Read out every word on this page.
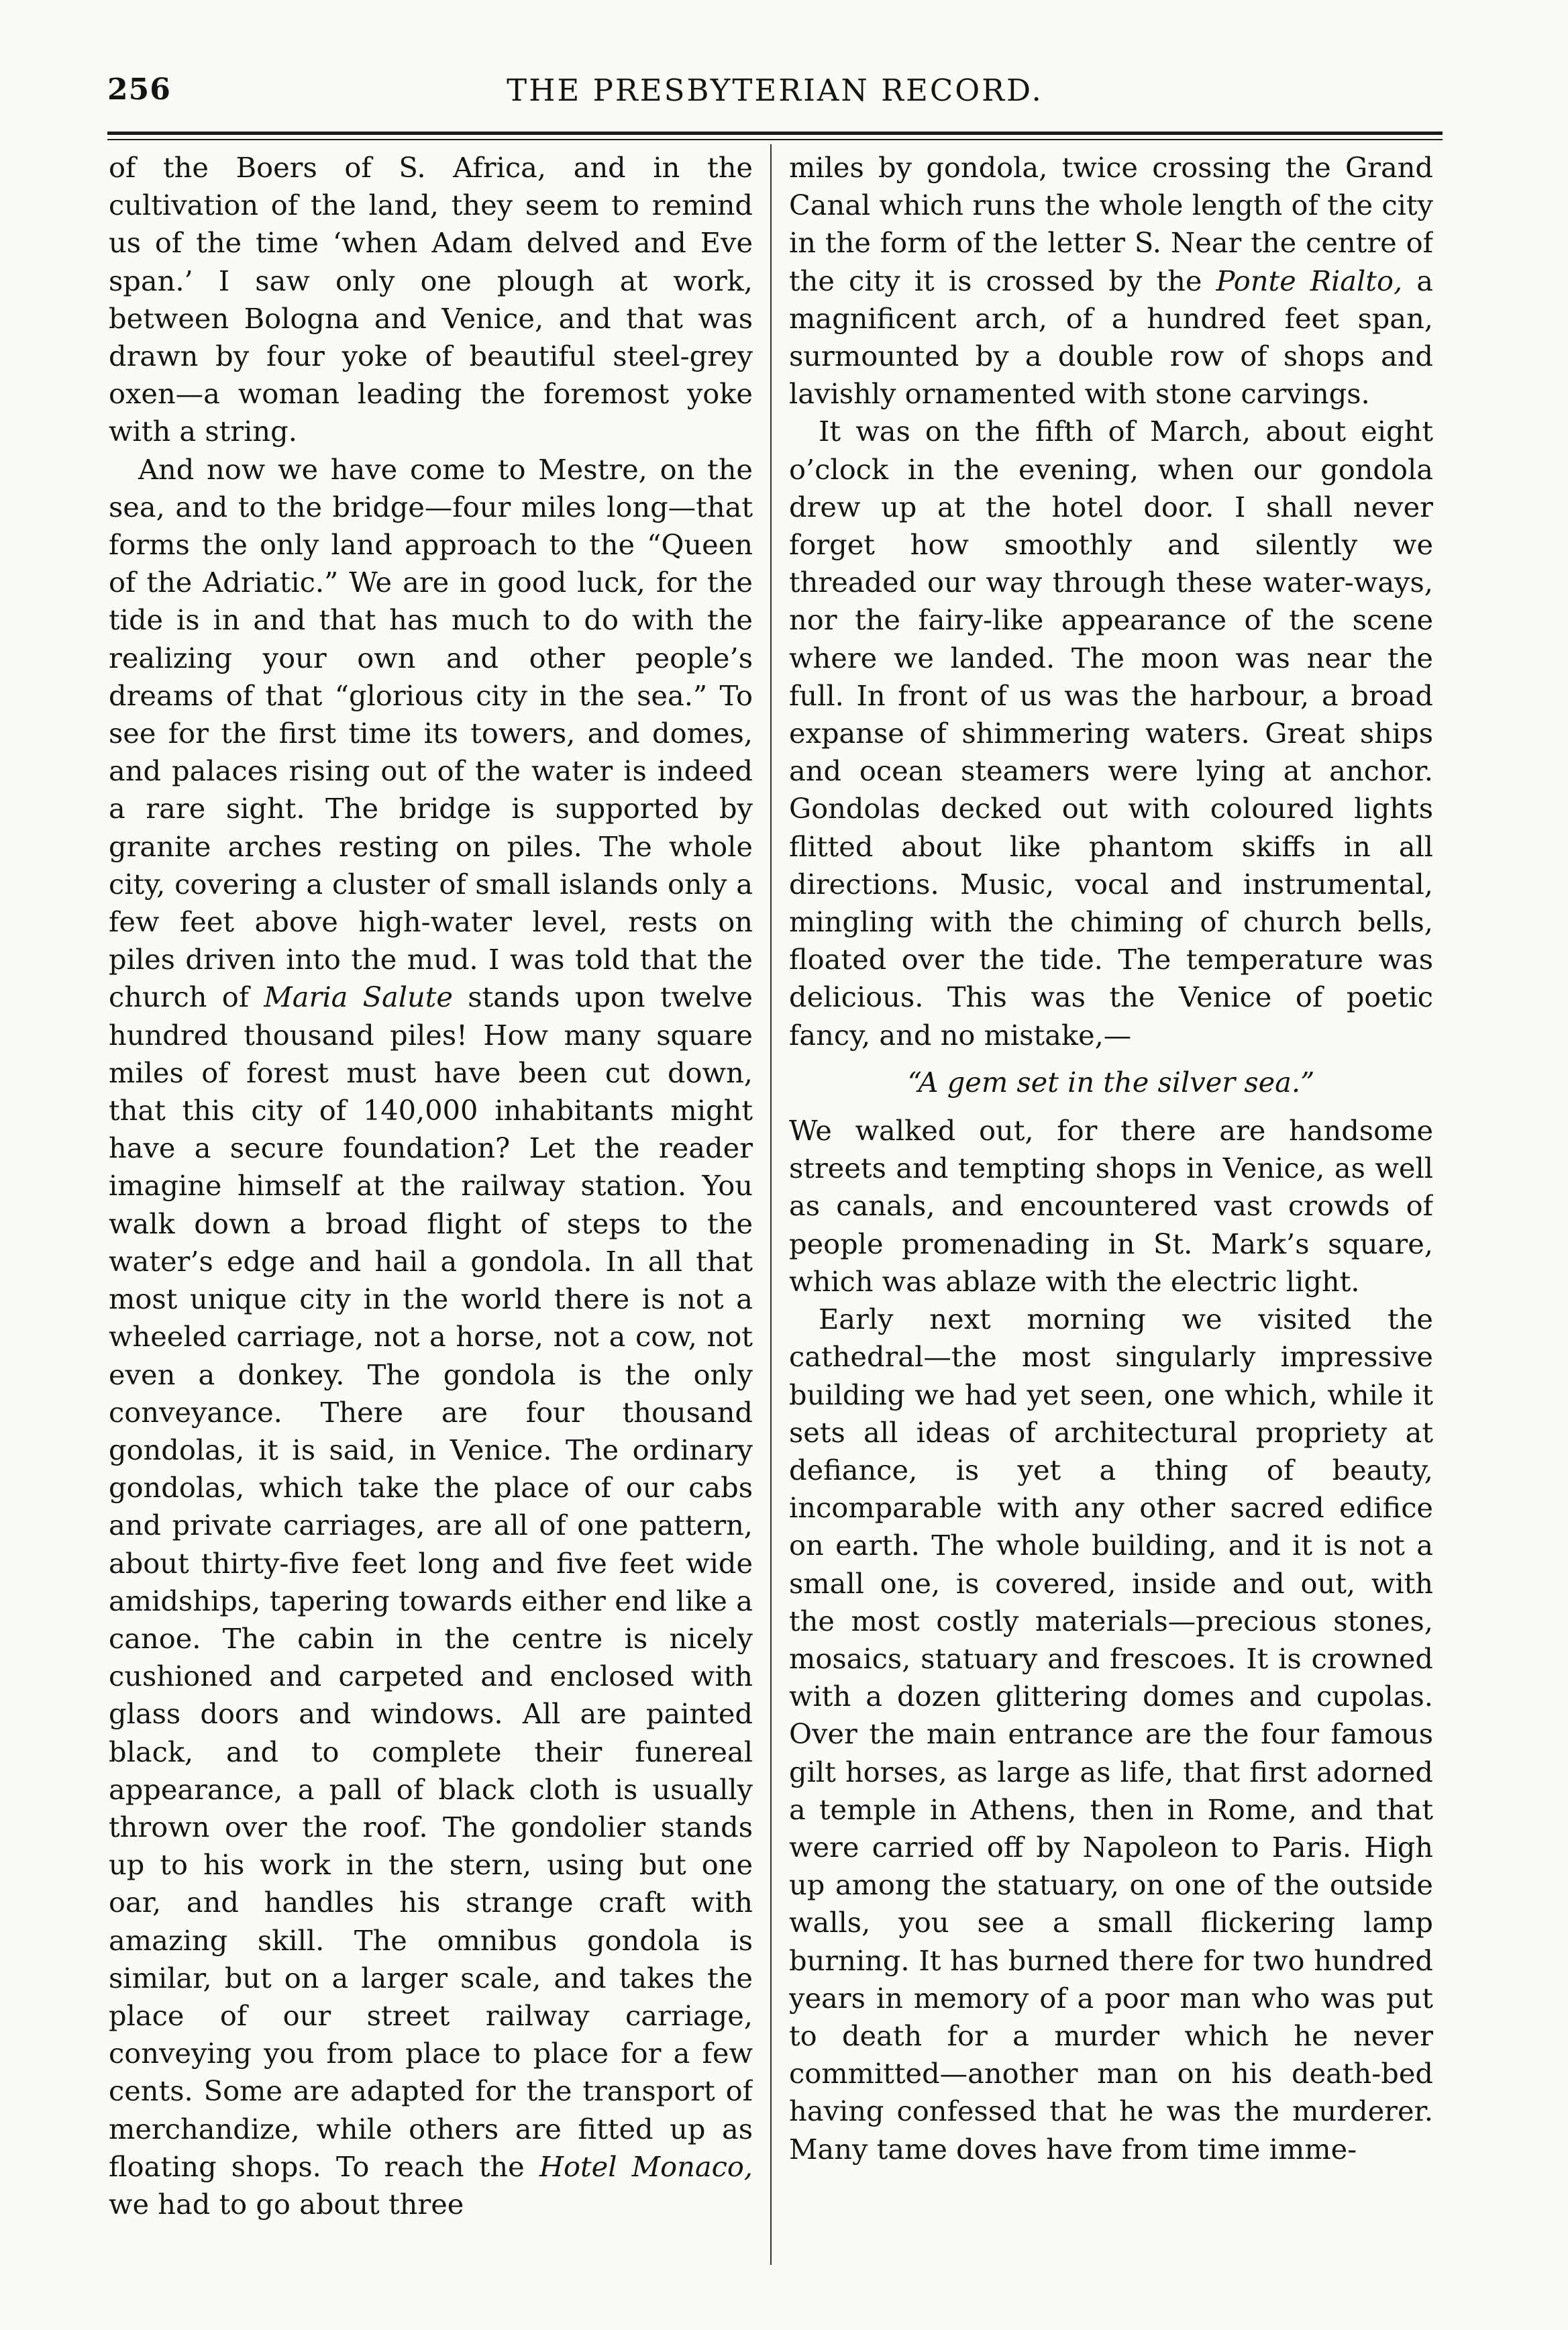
256	THE PRESBYTERIAN RECORD.

of the Boers of S. Africa, and in the cultivation of the land, they seem to remind us of the time ‘when Adam delved and Eve span.’ I saw only one plough at work, between Bologna and Venice, and that was drawn by four yoke of beautiful steel-grey oxen—a woman leading the foremost yoke with a string.

And now we have come to Mestre, on the sea, and to the bridge—four miles long—that forms the only land approach to the “Queen of the Adriatic.” We are in good luck, for the tide is in and that has much to do with the realizing your own and other people’s dreams of that “glorious city in the sea.” To see for the first time its towers, and domes, and palaces rising out of the water is indeed a rare sight. The bridge is supported by granite arches resting on piles. The whole city, covering a cluster of small islands only a few feet above high-water level, rests on piles driven into the mud. I was told that the church of Maria Salute stands upon twelve hundred thousand piles! How many square miles of forest must have been cut down, that this city of 140,000 inhabitants might have a secure foundation? Let the reader imagine himself at the railway station. You walk down a broad flight of steps to the water’s edge and hail a gondola. In all that most unique city in the world there is not a wheeled carriage, not a horse, not a cow, not even a donkey. The gondola is the only conveyance. There are four thousand gondolas, it is said, in Venice. The ordinary gondolas, which take the place of our cabs and private carriages, are all of one pattern, about thirty-five feet long and five feet wide amidships, tapering towards either end like a canoe. The cabin in the centre is nicely cushioned and carpeted and enclosed with glass doors and windows. All are painted black, and to complete their funereal appearance, a pall of black cloth is usually thrown over the roof. The gondolier stands up to his work in the stern, using but one oar, and handles his strange craft with amazing skill. The omnibus gondola is similar, but on a larger scale, and takes the place of our street railway carriage, conveying you from place to place for a few cents. Some are adapted for the transport of merchandize, while others are fitted up as floating shops. To reach the Hotel Monaco, we had to go about three

miles by gondola, twice crossing the Grand Canal which runs the whole length of the city in the form of the letter S. Near the centre of the city it is crossed by the Ponte Rialto, a magnificent arch, of a hundred feet span, surmounted by a double row of shops and lavishly ornamented with stone carvings.

It was on the fifth of March, about eight o’clock in the evening, when our gondola drew up at the hotel door. I shall never forget how smoothly and silently we threaded our way through these water-ways, nor the fairy-like appearance of the scene where we landed. The moon was near the full. In front of us was the harbour, a broad expanse of shimmering waters. Great ships and ocean steamers were lying at anchor. Gondolas decked out with coloured lights flitted about like phantom skiffs in all directions. Music, vocal and instrumental, mingling with the chiming of church bells, floated over the tide. The temperature was delicious. This was the Venice of poetic fancy, and no mistake,—

“A gem set in the silver sea.”

We walked out, for there are handsome streets and tempting shops in Venice, as well as canals, and encountered vast crowds of people promenading in St. Mark’s square, which was ablaze with the electric light.

Early next morning we visited the cathedral—the most singularly impressive building we had yet seen, one which, while it sets all ideas of architectural propriety at defiance, is yet a thing of beauty, incomparable with any other sacred edifice on earth. The whole building, and it is not a small one, is covered, inside and out, with the most costly materials—precious stones, mosaics, statuary and frescoes. It is crowned with a dozen glittering domes and cupolas. Over the main entrance are the four famous gilt horses, as large as life, that first adorned a temple in Athens, then in Rome, and that were carried off by Napoleon to Paris. High up among the statuary, on one of the outside walls, you see a small flickering lamp burning. It has burned there for two hundred years in memory of a poor man who was put to death for a murder which he never committed—another man on his death-bed having confessed that he was the murderer. Many tame doves have from time imme-
